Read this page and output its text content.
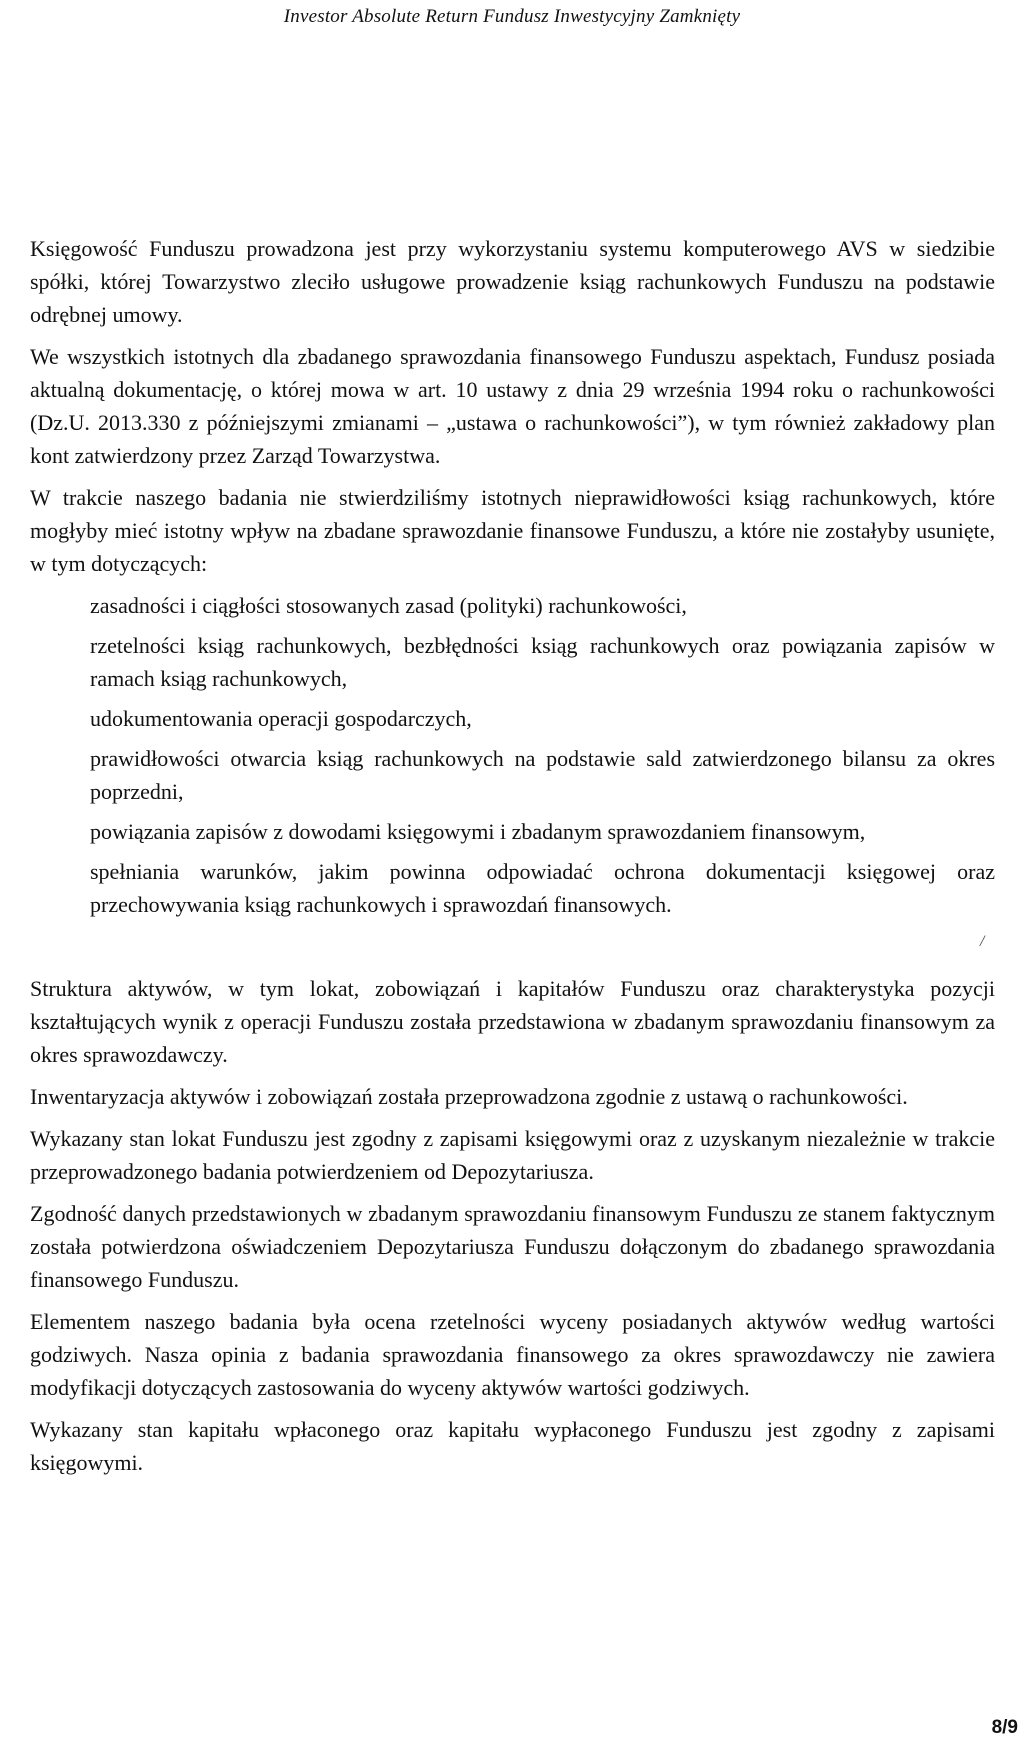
Investor Absolute Return Fundusz Inwestycyjny Zamknięty

Księgowość Funduszu prowadzona jest przy wykorzystaniu systemu komputerowego AVS w siedzibie spółki, której Towarzystwo zleciło usługowe prowadzenie ksiąg rachunkowych Funduszu na podstawie odrębnej umowy.

We wszystkich istotnych dla zbadanego sprawozdania finansowego Funduszu aspektach, Fundusz posiada aktualną dokumentację, o której mowa w art. 10 ustawy z dnia 29 września 1994 roku o rachunkowości (Dz.U. 2013.330 z późniejszymi zmianami – „ustawa o rachunkowości”), w tym również zakładowy plan kont zatwierdzony przez Zarząd Towarzystwa.

W trakcie naszego badania nie stwierdziliśmy istotnych nieprawidłowości ksiąg rachunkowych, które mogłyby mieć istotny wpływ na zbadane sprawozdanie finansowe Funduszu, a które nie zostałyby usunięte, w tym dotyczących:

zasadności i ciągłości stosowanych zasad (polityki) rachunkowości,
rzetelności ksiąg rachunkowych, bezbłędności ksiąg rachunkowych oraz powiązania zapisów w ramach ksiąg rachunkowych,
udokumentowania operacji gospodarczych,
prawidłowości otwarcia ksiąg rachunkowych na podstawie sald zatwierdzonego bilansu za okres poprzedni,
powiązania zapisów z dowodami księgowymi i zbadanym sprawozdaniem finansowym,
spełniania warunków, jakim powinna odpowiadać ochrona dokumentacji księgowej oraz przechowywania ksiąg rachunkowych i sprawozdań finansowych.
/

Struktura aktywów, w tym lokat, zobowiązań i kapitałów Funduszu oraz charakterystyka pozycji kształtujących wynik z operacji Funduszu została przedstawiona w zbadanym sprawozdaniu finansowym za okres sprawozdawczy.

Inwentaryzacja aktywów i zobowiązań została przeprowadzona zgodnie z ustawą o rachunkowości.

Wykazany stan lokat Funduszu jest zgodny z zapisami księgowymi oraz z uzyskanym niezależnie w trakcie przeprowadzonego badania potwierdzeniem od Depozytariusza.

Zgodność danych przedstawionych w zbadanym sprawozdaniu finansowym Funduszu ze stanem faktycznym została potwierdzona oświadczeniem Depozytariusza Funduszu dołączonym do zbadanego sprawozdania finansowego Funduszu.

Elementem naszego badania była ocena rzetelności wyceny posiadanych aktywów według wartości godziwych. Nasza opinia z badania sprawozdania finansowego za okres sprawozdawczy nie zawiera modyfikacji dotyczących zastosowania do wyceny aktywów wartości godziwych.

Wykazany stan kapitału wpłaconego oraz kapitału wypłaconego Funduszu jest zgodny z zapisami księgowymi.

8/9
